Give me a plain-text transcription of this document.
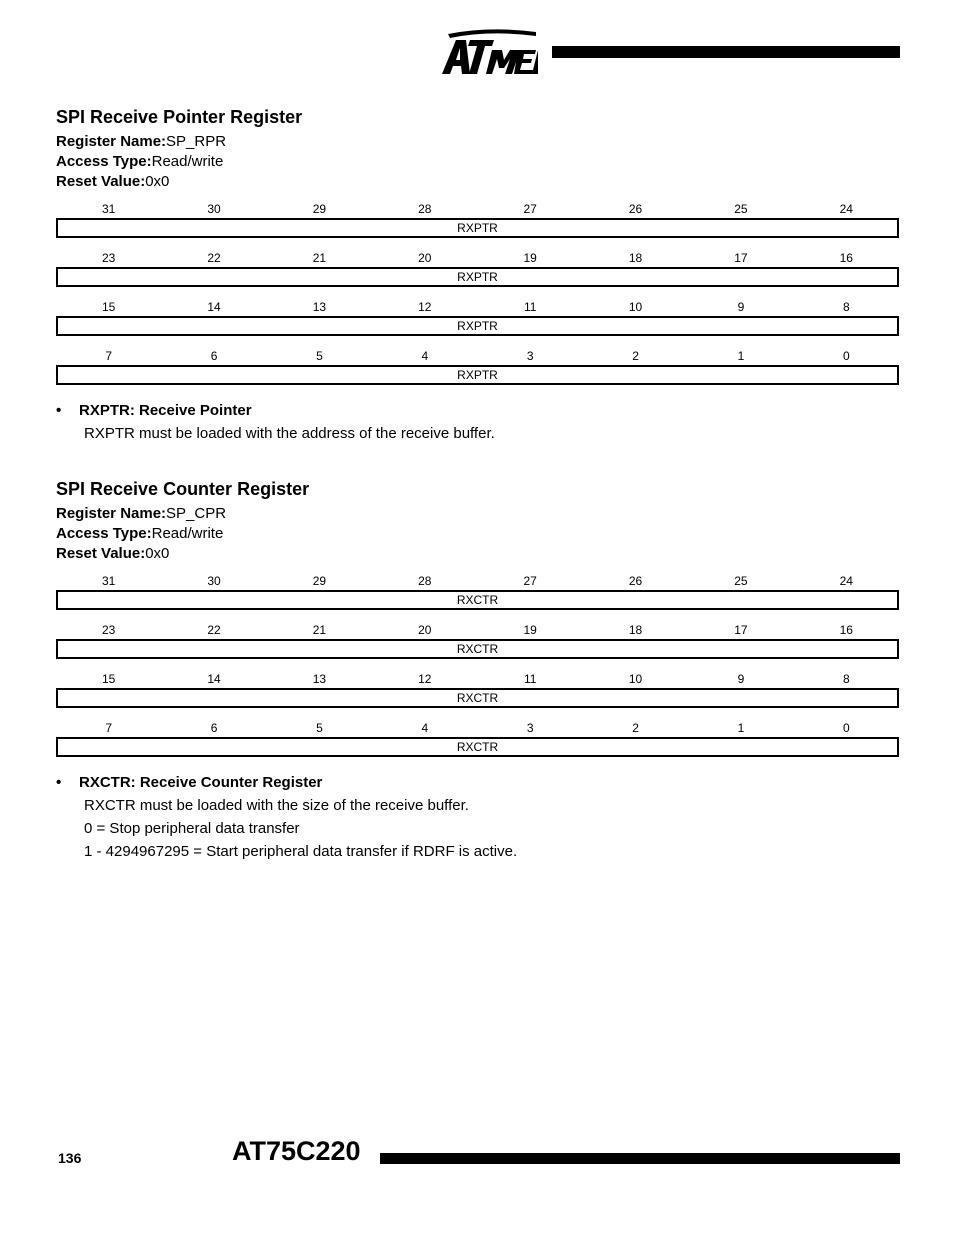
SPI Receive Pointer Register
Register Name:SP_RPR
Access Type:Read/write
Reset Value:0x0
31	30	29	28	27	26	25	24
RXPTR
23	22	21	20	19	18	17	16
RXPTR
15	14	13	12	11	10	9	8
RXPTR
7	6	5	4	3	2	1	0
RXPTR
•	RXPTR: Receive Pointer

RXPTR must be loaded with the address of the receive buffer.

SPI Receive Counter Register
Register Name:SP_CPR
Access Type:Read/write
Reset Value:0x0
31	30	29	28	27	26	25	24
RXCTR
23	22	21	20	19	18	17	16
RXCTR
15	14	13	12	11	10	9	8
RXCTR
7	6	5	4	3	2	1	0
RXCTR
•	RXCTR: Receive Counter Register

RXCTR must be loaded with the size of the receive buffer.

0 = Stop peripheral data transfer

1 - 4294967295 = Start peripheral data transfer if RDRF is active.

136	AT75C220
